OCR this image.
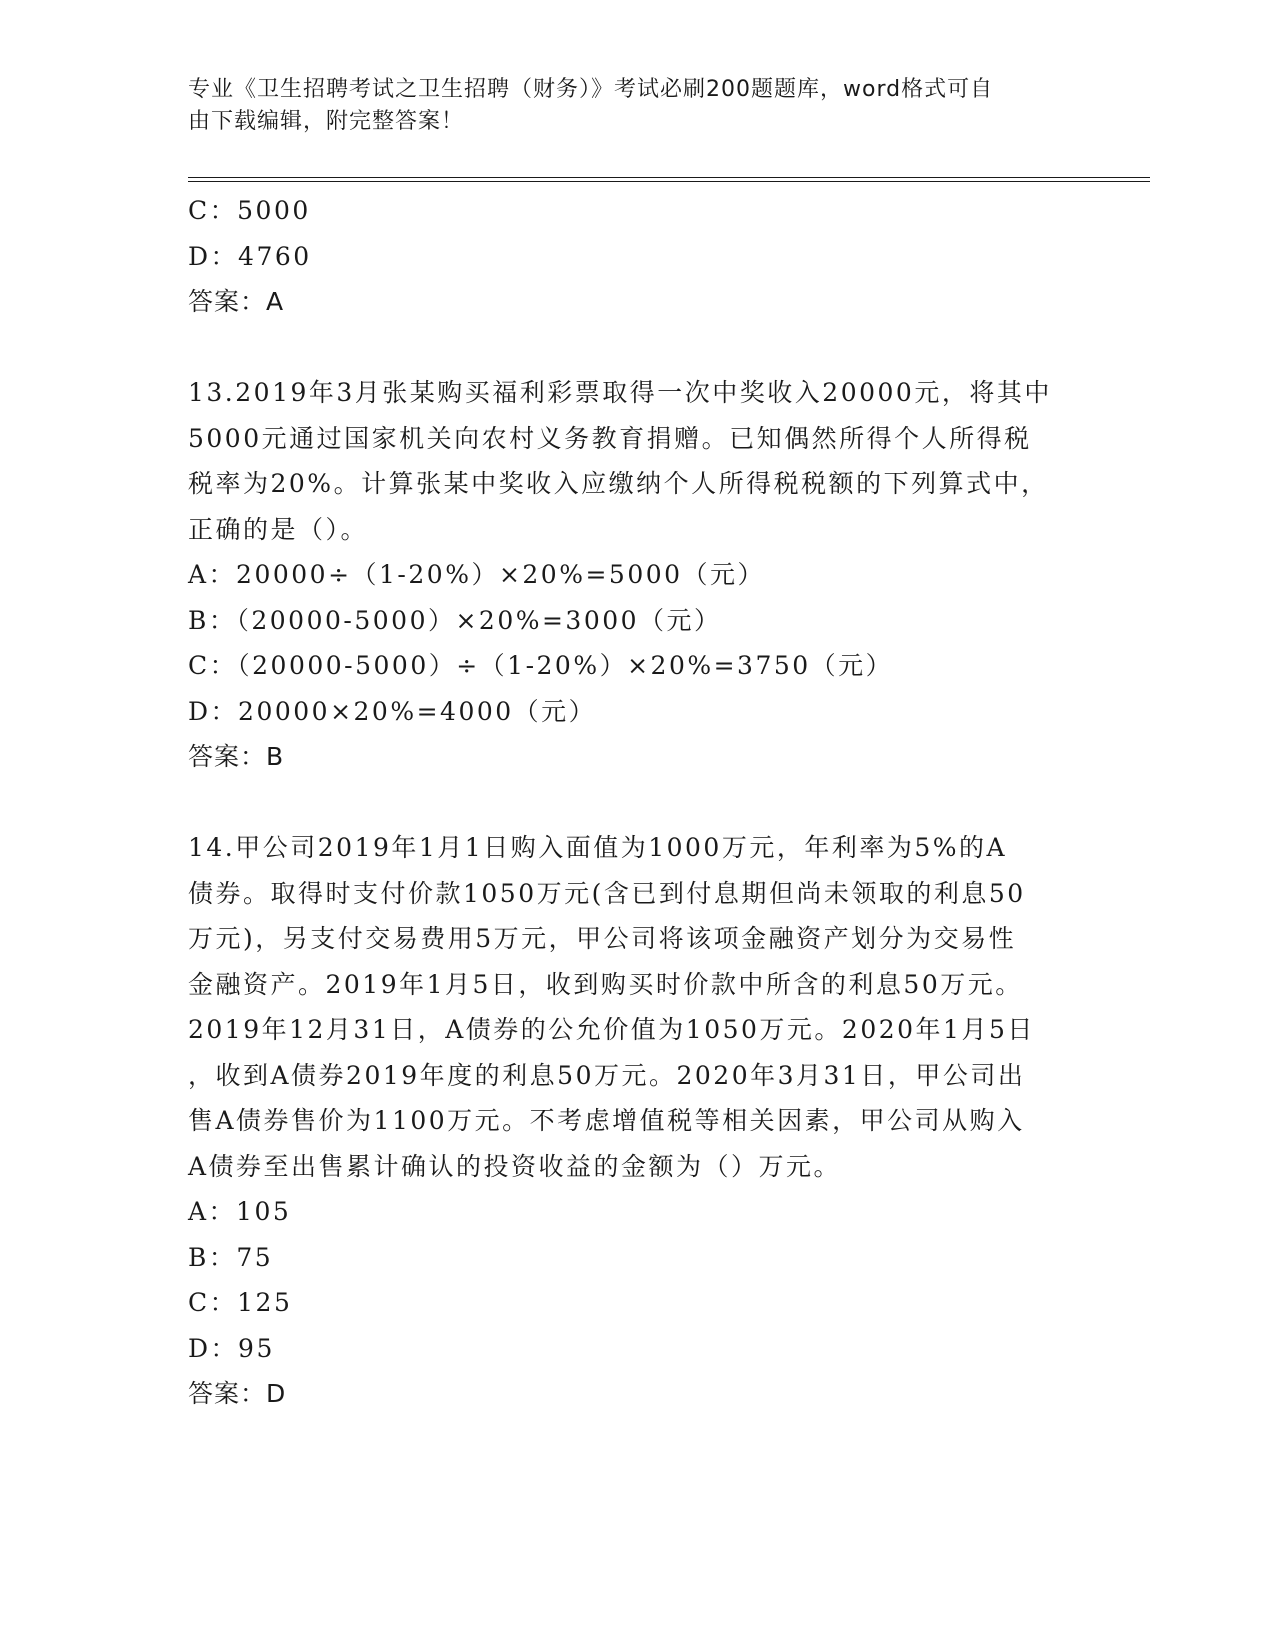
专业《卫生招聘考试之卫生招聘（财务）》考试必刷200题题库，word格式可自
由下载编辑，附完整答案！
C：5000
D：4760
答案：A
13.2019年3月张某购买福利彩票取得一次中奖收入20000元，将其中
5000元通过国家机关向农村义务教育捐赠。已知偶然所得个人所得税
税率为20%。计算张某中奖收入应缴纳个人所得税税额的下列算式中，
正确的是（）。
A：20000÷（1-20%）×20%=5000（元）
B：（20000-5000）×20%=3000（元）
C：（20000-5000）÷（1-20%）×20%=3750（元）
D：20000×20%=4000（元）
答案：B
14.甲公司2019年1月1日购入面值为1000万元，年利率为5%的A
债券。取得时支付价款1050万元(含已到付息期但尚未领取的利息50
万元)，另支付交易费用5万元，甲公司将该项金融资产划分为交易性
金融资产。2019年1月5日，收到购买时价款中所含的利息50万元。
2019年12月31日，A债券的公允价值为1050万元。2020年1月5日
，收到A债券2019年度的利息50万元。2020年3月31日，甲公司出
售A债券售价为1100万元。不考虑增值税等相关因素，甲公司从购入
A债券至出售累计确认的投资收益的金额为（）万元。
A：105
B：75
C：125
D：95
答案：D
